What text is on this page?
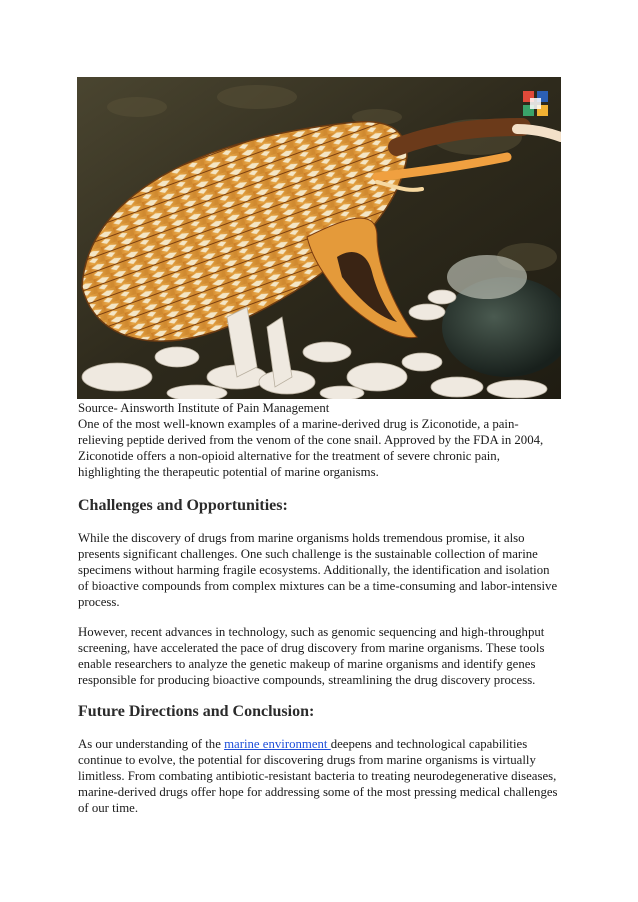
Source- Ainsworth Institute of Pain Management

One of the most well-known examples of a marine-derived drug is Ziconotide, a pain-relieving peptide derived from the venom of the cone snail. Approved by the FDA in 2004, Ziconotide offers a non-opioid alternative for the treatment of severe chronic pain, highlighting the therapeutic potential of marine organisms.

Challenges and Opportunities:

While the discovery of drugs from marine organisms holds tremendous promise, it also presents significant challenges. One such challenge is the sustainable collection of marine specimens without harming fragile ecosystems. Additionally, the identification and isolation of bioactive compounds from complex mixtures can be a time-consuming and labor-intensive process.

However, recent advances in technology, such as genomic sequencing and high-throughput screening, have accelerated the pace of drug discovery from marine organisms. These tools enable researchers to analyze the genetic makeup of marine organisms and identify genes responsible for producing bioactive compounds, streamlining the drug discovery process.

Future Directions and Conclusion:

As our understanding of the marine environment deepens and technological capabilities continue to evolve, the potential for discovering drugs from marine organisms is virtually limitless. From combating antibiotic-resistant bacteria to treating neurodegenerative diseases, marine-derived drugs offer hope for addressing some of the most pressing medical challenges of our time.
